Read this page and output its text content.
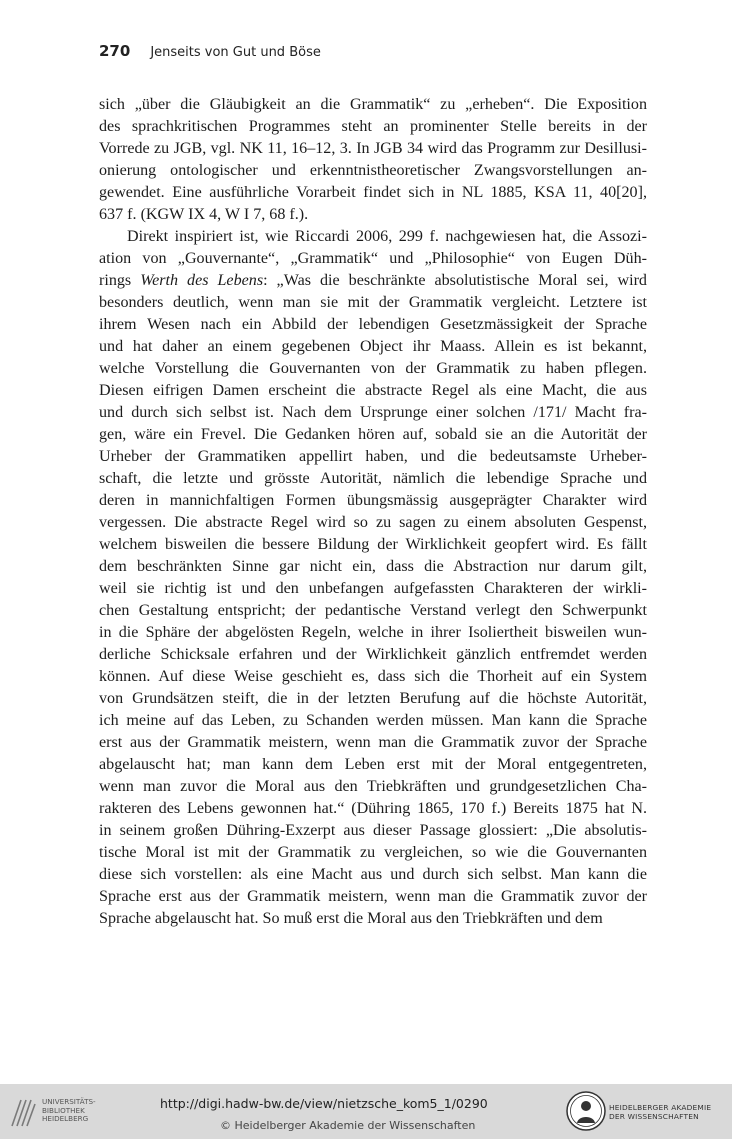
270 Jenseits von Gut und Böse
sich „über die Gläubigkeit an die Grammatik“ zu „erheben“. Die Exposition
des sprachkritischen Programmes steht an prominenter Stelle bereits in der
Vorrede zu JGB, vgl. NK 11, 16–12, 3. In JGB 34 wird das Programm zur Desillusi-
onierung ontologischer und erkenntnistheoretischer Zwangsvorstellungen an-
gewendet. Eine ausführliche Vorarbeit findet sich in NL 1885, KSA 11, 40[20],
637 f. (KGW IX 4, W I 7, 68 f.).
Direkt inspiriert ist, wie Riccardi 2006, 299 f. nachgewiesen hat, die Assozi-
ation von „Gouvernante“, „Grammatik“ und „Philosophie“ von Eugen Düh-
rings Werth des Lebens: „Was die beschränkte absolutistische Moral sei, wird
besonders deutlich, wenn man sie mit der Grammatik vergleicht. Letztere ist
ihrem Wesen nach ein Abbild der lebendigen Gesetzmässigkeit der Sprache
und hat daher an einem gegebenen Object ihr Maass. Allein es ist bekannt,
welche Vorstellung die Gouvernanten von der Grammatik zu haben pflegen.
Diesen eifrigen Damen erscheint die abstracte Regel als eine Macht, die aus
und durch sich selbst ist. Nach dem Ursprunge einer solchen /171/ Macht fra-
gen, wäre ein Frevel. Die Gedanken hören auf, sobald sie an die Autorität der
Urheber der Grammatiken appellirt haben, und die bedeutsamste Urheber-
schaft, die letzte und grösste Autorität, nämlich die lebendige Sprache und
deren in mannichfaltigen Formen übungsmässig ausgeprägter Charakter wird
vergessen. Die abstracte Regel wird so zu sagen zu einem absoluten Gespenst,
welchem bisweilen die bessere Bildung der Wirklichkeit geopfert wird. Es fällt
dem beschränkten Sinne gar nicht ein, dass die Abstraction nur darum gilt,
weil sie richtig ist und den unbefangen aufgefassten Charakteren der wirkli-
chen Gestaltung entspricht; der pedantische Verstand verlegt den Schwerpunkt
in die Sphäre der abgelösten Regeln, welche in ihrer Isoliertheit bisweilen wun-
derliche Schicksale erfahren und der Wirklichkeit gänzlich entfremdet werden
können. Auf diese Weise geschieht es, dass sich die Thorheit auf ein System
von Grundsätzen steift, die in der letzten Berufung auf die höchste Autorität,
ich meine auf das Leben, zu Schanden werden müssen. Man kann die Sprache
erst aus der Grammatik meistern, wenn man die Grammatik zuvor der Sprache
abgelauscht hat; man kann dem Leben erst mit der Moral entgegentreten,
wenn man zuvor die Moral aus den Triebkräften und grundgesetzlichen Cha-
rakteren des Lebens gewonnen hat.“ (Dühring 1865, 170 f.) Bereits 1875 hat N.
in seinem großen Dühring-Exzerpt aus dieser Passage glossiert: „Die absolutis-
tische Moral ist mit der Grammatik zu vergleichen, so wie die Gouvernanten
diese sich vorstellen: als eine Macht aus und durch sich selbst. Man kann die
Sprache erst aus der Grammatik meistern, wenn man die Grammatik zuvor der
Sprache abgelauscht hat. So muß erst die Moral aus den Triebkräften und dem
UNIVERSITÄTS-
BIBLIOTHEK
HEIDELBERG
http://digi.hadw-bw.de/view/nietzsche_kom5_1/0290
© Heidelberger Akademie der Wissenschaften
HEIDELBERGER AKADEMIE
DER WISSENSCHAFTEN
